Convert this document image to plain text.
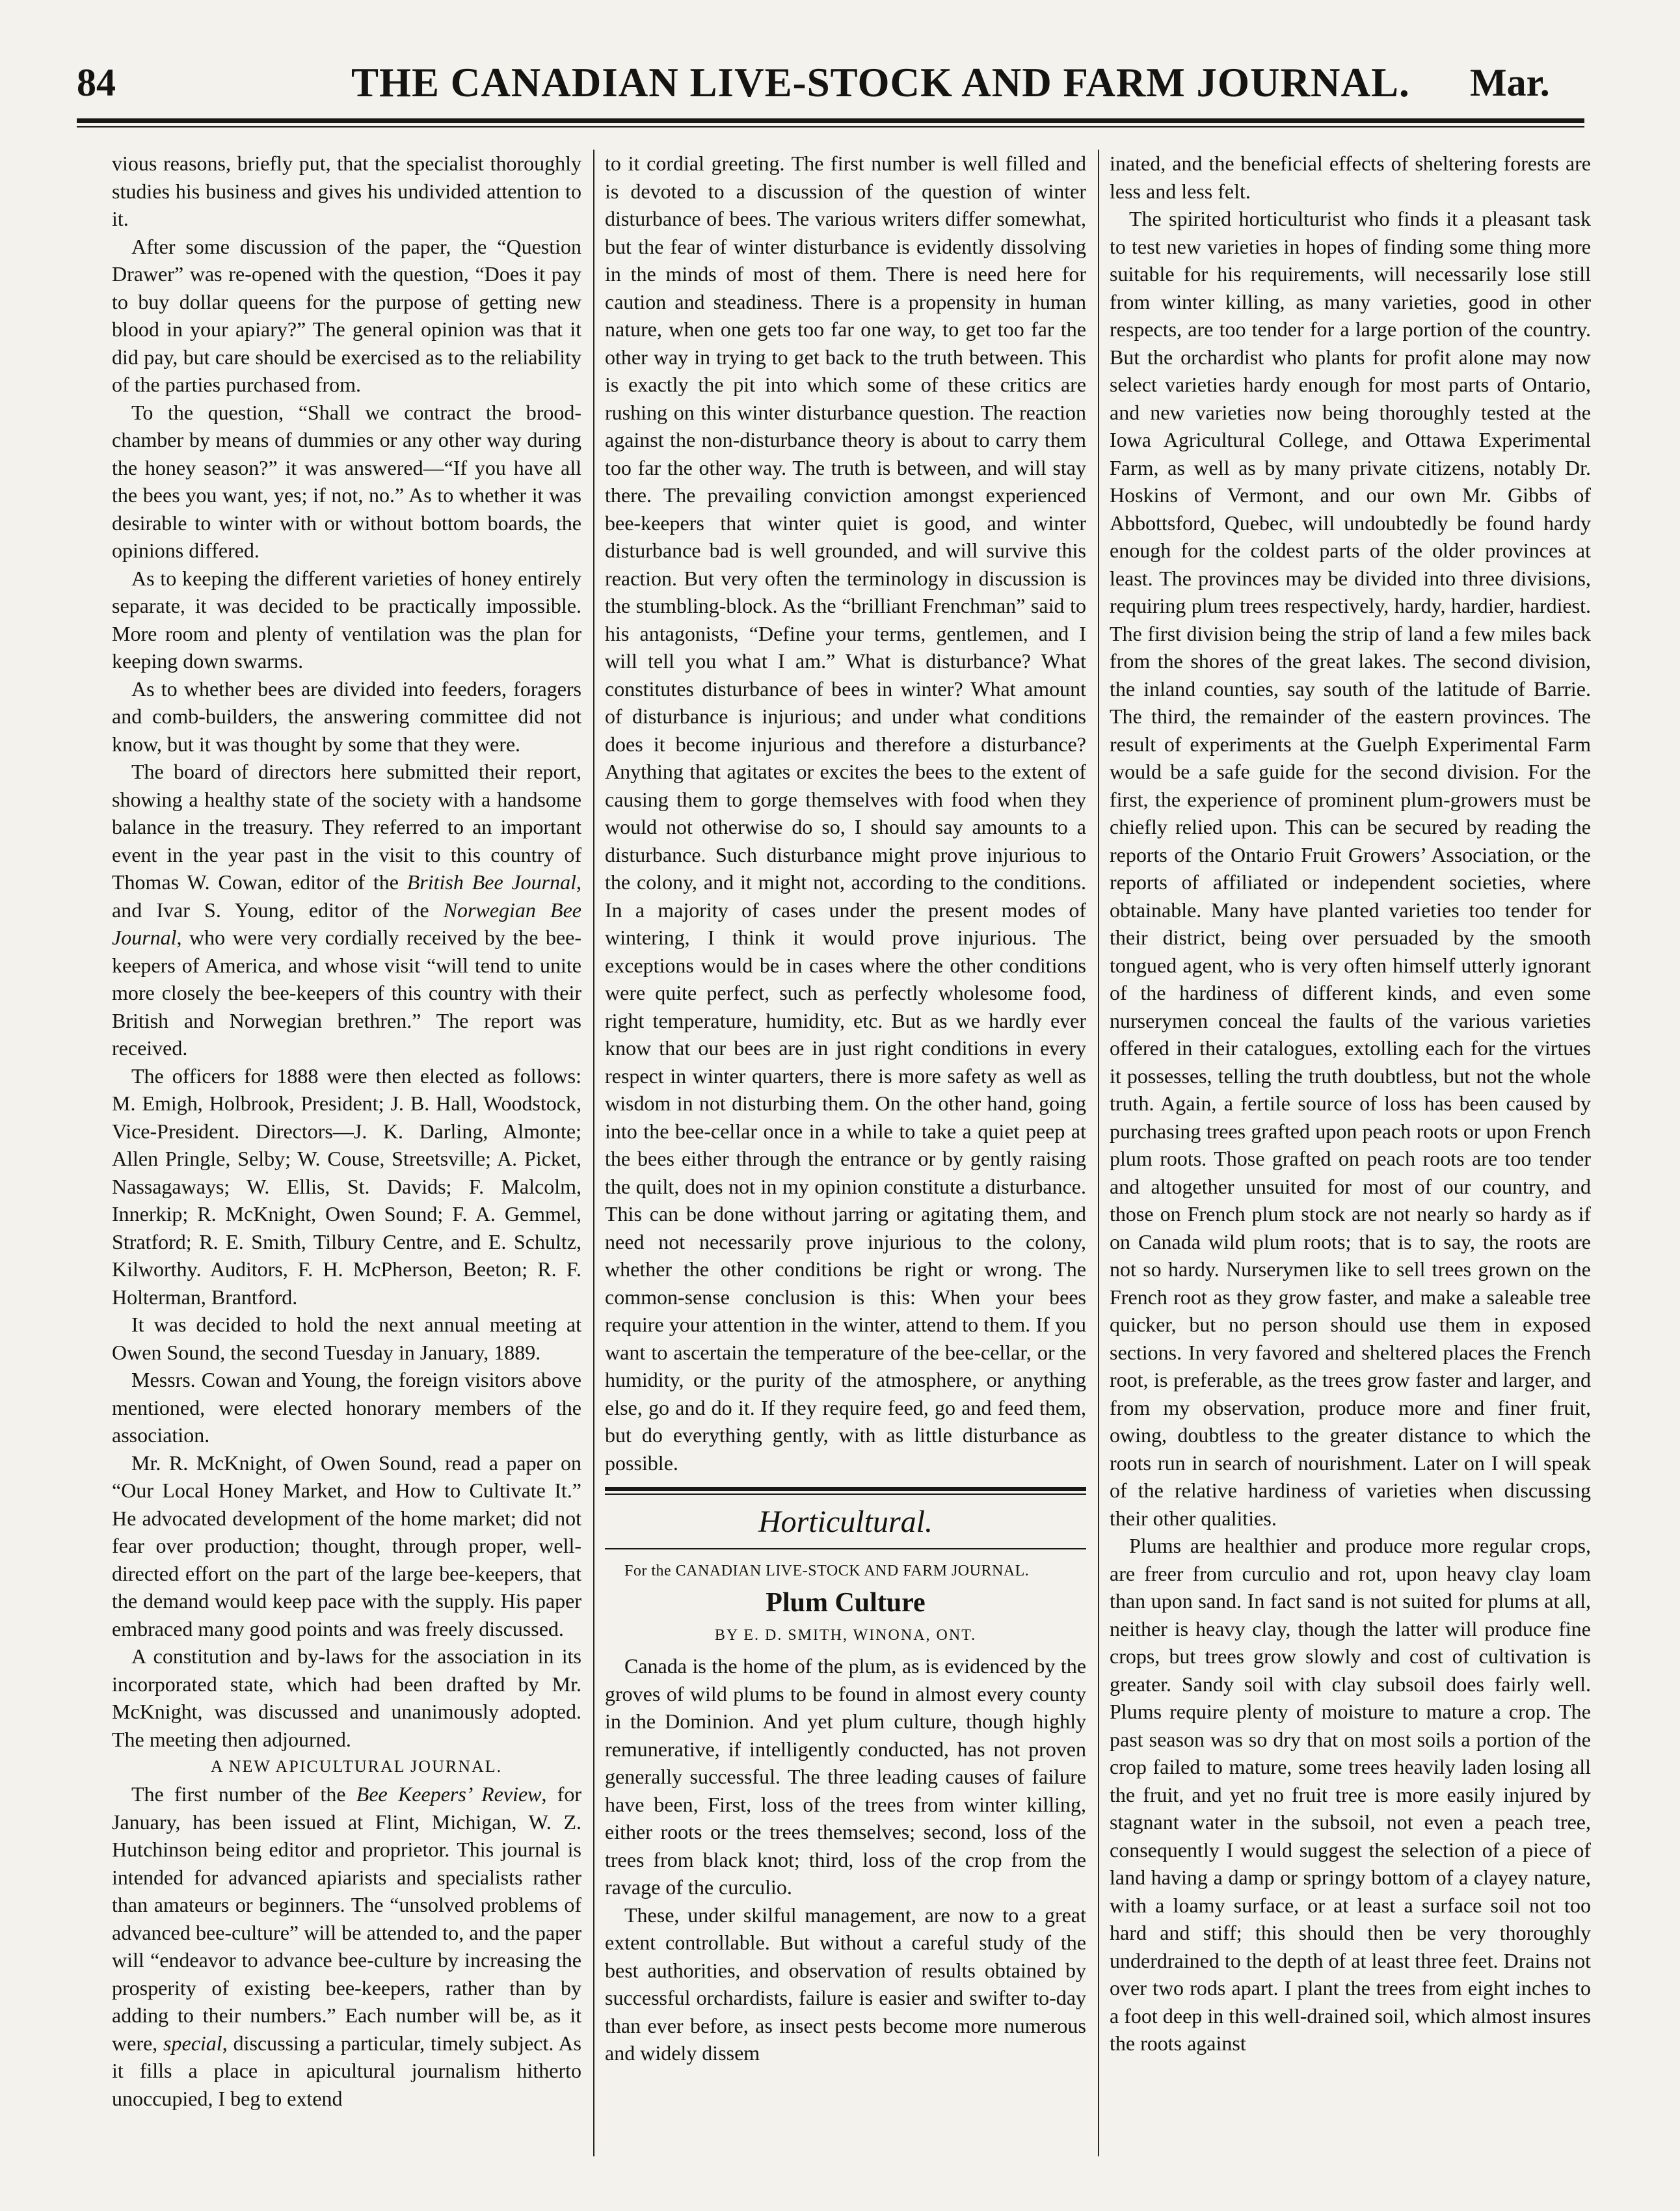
84	THE CANADIAN LIVE-STOCK AND FARM JOURNAL. Mar.

vious reasons, briefly put, that the specialist thoroughly studies his business and gives his undivided attention to it.

After some discussion of the paper, the “Question Drawer” was re-opened with the question, “Does it pay to buy dollar queens for the purpose of getting new blood in your apiary?” The general opinion was that it did pay, but care should be exercised as to the reliability of the parties purchased from.

To the question, “Shall we contract the brood-chamber by means of dummies or any other way during the honey season?” it was answered—“If you have all the bees you want, yes; if not, no.” As to whether it was desirable to winter with or without bottom boards, the opinions differed.

As to keeping the different varieties of honey entirely separate, it was decided to be practically impossible. More room and plenty of ventilation was the plan for keeping down swarms.

As to whether bees are divided into feeders, foragers and comb-builders, the answering committee did not know, but it was thought by some that they were.

The board of directors here submitted their report, showing a healthy state of the society with a handsome balance in the treasury. They referred to an important event in the year past in the visit to this country of Thomas W. Cowan, editor of the British Bee Journal, and Ivar S. Young, editor of the Norwegian Bee Journal, who were very cordially received by the bee-keepers of America, and whose visit “will tend to unite more closely the bee-keepers of this country with their British and Norwegian brethren.” The report was received.

The officers for 1888 were then elected as follows: M. Emigh, Holbrook, President; J. B. Hall, Woodstock, Vice-President. Directors—J. K. Darling, Almonte; Allen Pringle, Selby; W. Couse, Streetsville; A. Picket, Nassagaways; W. Ellis, St. Davids; F. Malcolm, Innerkip; R. McKnight, Owen Sound; F. A. Gemmel, Stratford; R. E. Smith, Tilbury Centre, and E. Schultz, Kilworthy. Auditors, F. H. McPherson, Beeton; R. F. Holterman, Brantford.

It was decided to hold the next annual meeting at Owen Sound, the second Tuesday in January, 1889.

Messrs. Cowan and Young, the foreign visitors above mentioned, were elected honorary members of the association.

Mr. R. McKnight, of Owen Sound, read a paper on “Our Local Honey Market, and How to Cultivate It.” He advocated development of the home market; did not fear over production; thought, through proper, well-directed effort on the part of the large bee-keepers, that the demand would keep pace with the supply. His paper embraced many good points and was freely discussed.

A constitution and by-laws for the association in its incorporated state, which had been drafted by Mr. McKnight, was discussed and unanimously adopted. The meeting then adjourned.

A NEW APICULTURAL JOURNAL.

The first number of the Bee Keepers’ Review, for January, has been issued at Flint, Michigan, W. Z. Hutchinson being editor and proprietor. This journal is intended for advanced apiarists and specialists rather than amateurs or beginners. The “unsolved problems of advanced bee-culture” will be attended to, and the paper will “endeavor to advance bee-culture by increasing the prosperity of existing bee-keepers, rather than by adding to their numbers.” Each number will be, as it were, special, discussing a particular, timely subject. As it fills a place in apicultural journalism hitherto unoccupied, I beg to extend

to it cordial greeting. The first number is well filled and is devoted to a discussion of the question of winter disturbance of bees. The various writers differ somewhat, but the fear of winter disturbance is evidently dissolving in the minds of most of them. There is need here for caution and steadiness. There is a propensity in human nature, when one gets too far one way, to get too far the other way in trying to get back to the truth between. This is exactly the pit into which some of these critics are rushing on this winter disturbance question. The reaction against the non-disturbance theory is about to carry them too far the other way. The truth is between, and will stay there. The prevailing conviction amongst experienced bee-keepers that winter quiet is good, and winter disturbance bad is well grounded, and will survive this reaction. But very often the terminology in discussion is the stumbling-block. As the “brilliant Frenchman” said to his antagonists, “Define your terms, gentlemen, and I will tell you what I am.” What is disturbance? What constitutes disturbance of bees in winter? What amount of disturbance is injurious; and under what conditions does it become injurious and therefore a disturbance? Anything that agitates or excites the bees to the extent of causing them to gorge themselves with food when they would not otherwise do so, I should say amounts to a disturbance. Such disturbance might prove injurious to the colony, and it might not, according to the conditions. In a majority of cases under the present modes of wintering, I think it would prove injurious. The exceptions would be in cases where the other conditions were quite perfect, such as perfectly wholesome food, right temperature, humidity, etc. But as we hardly ever know that our bees are in just right conditions in every respect in winter quarters, there is more safety as well as wisdom in not disturbing them. On the other hand, going into the bee-cellar once in a while to take a quiet peep at the bees either through the entrance or by gently raising the quilt, does not in my opinion constitute a disturbance. This can be done without jarring or agitating them, and need not necessarily prove injurious to the colony, whether the other conditions be right or wrong. The common-sense conclusion is this: When your bees require your attention in the winter, attend to them. If you want to ascertain the temperature of the bee-cellar, or the humidity, or the purity of the atmosphere, or anything else, go and do it. If they require feed, go and feed them, but do everything gently, with as little disturbance as possible.

Horticultural.

For the CANADIAN LIVE-STOCK AND FARM JOURNAL.

Plum Culture
BY E. D. SMITH, WINONA, ONT.

Canada is the home of the plum, as is evidenced by the groves of wild plums to be found in almost every county in the Dominion. And yet plum culture, though highly remunerative, if intelligently conducted, has not proven generally successful. The three leading causes of failure have been, First, loss of the trees from winter killing, either roots or the trees themselves; second, loss of the trees from black knot; third, loss of the crop from the ravage of the curculio.

These, under skilful management, are now to a great extent controllable. But without a careful study of the best authorities, and observation of results obtained by successful orchardists, failure is easier and swifter to-day than ever before, as insect pests become more numerous and widely dissem

inated, and the beneficial effects of sheltering forests are less and less felt.

The spirited horticulturist who finds it a pleasant task to test new varieties in hopes of finding some thing more suitable for his requirements, will necessarily lose still from winter killing, as many varieties, good in other respects, are too tender for a large portion of the country. But the orchardist who plants for profit alone may now select varieties hardy enough for most parts of Ontario, and new varieties now being thoroughly tested at the Iowa Agricultural College, and Ottawa Experimental Farm, as well as by many private citizens, notably Dr. Hoskins of Vermont, and our own Mr. Gibbs of Abbottsford, Quebec, will undoubtedly be found hardy enough for the coldest parts of the older provinces at least. The provinces may be divided into three divisions, requiring plum trees respectively, hardy, hardier, hardiest. The first division being the strip of land a few miles back from the shores of the great lakes. The second division, the inland counties, say south of the latitude of Barrie. The third, the remainder of the eastern provinces. The result of experiments at the Guelph Experimental Farm would be a safe guide for the second division. For the first, the experience of prominent plum-growers must be chiefly relied upon. This can be secured by reading the reports of the Ontario Fruit Growers’ Association, or the reports of affiliated or independent societies, where obtainable. Many have planted varieties too tender for their district, being over persuaded by the smooth tongued agent, who is very often himself utterly ignorant of the hardiness of different kinds, and even some nurserymen conceal the faults of the various varieties offered in their catalogues, extolling each for the virtues it possesses, telling the truth doubtless, but not the whole truth. Again, a fertile source of loss has been caused by purchasing trees grafted upon peach roots or upon French plum roots. Those grafted on peach roots are too tender and altogether unsuited for most of our country, and those on French plum stock are not nearly so hardy as if on Canada wild plum roots; that is to say, the roots are not so hardy. Nurserymen like to sell trees grown on the French root as they grow faster, and make a saleable tree quicker, but no person should use them in exposed sections. In very favored and sheltered places the French root, is preferable, as the trees grow faster and larger, and from my observation, produce more and finer fruit, owing, doubtless to the greater distance to which the roots run in search of nourishment. Later on I will speak of the relative hardiness of varieties when discussing their other qualities.

Plums are healthier and produce more regular crops, are freer from curculio and rot, upon heavy clay loam than upon sand. In fact sand is not suited for plums at all, neither is heavy clay, though the latter will produce fine crops, but trees grow slowly and cost of cultivation is greater. Sandy soil with clay subsoil does fairly well. Plums require plenty of moisture to mature a crop. The past season was so dry that on most soils a portion of the crop failed to mature, some trees heavily laden losing all the fruit, and yet no fruit tree is more easily injured by stagnant water in the subsoil, not even a peach tree, consequently I would suggest the selection of a piece of land having a damp or springy bottom of a clayey nature, with a loamy surface, or at least a surface soil not too hard and stiff; this should then be very thoroughly underdrained to the depth of at least three feet. Drains not over two rods apart. I plant the trees from eight inches to a foot deep in this well-drained soil, which almost insures the roots against
